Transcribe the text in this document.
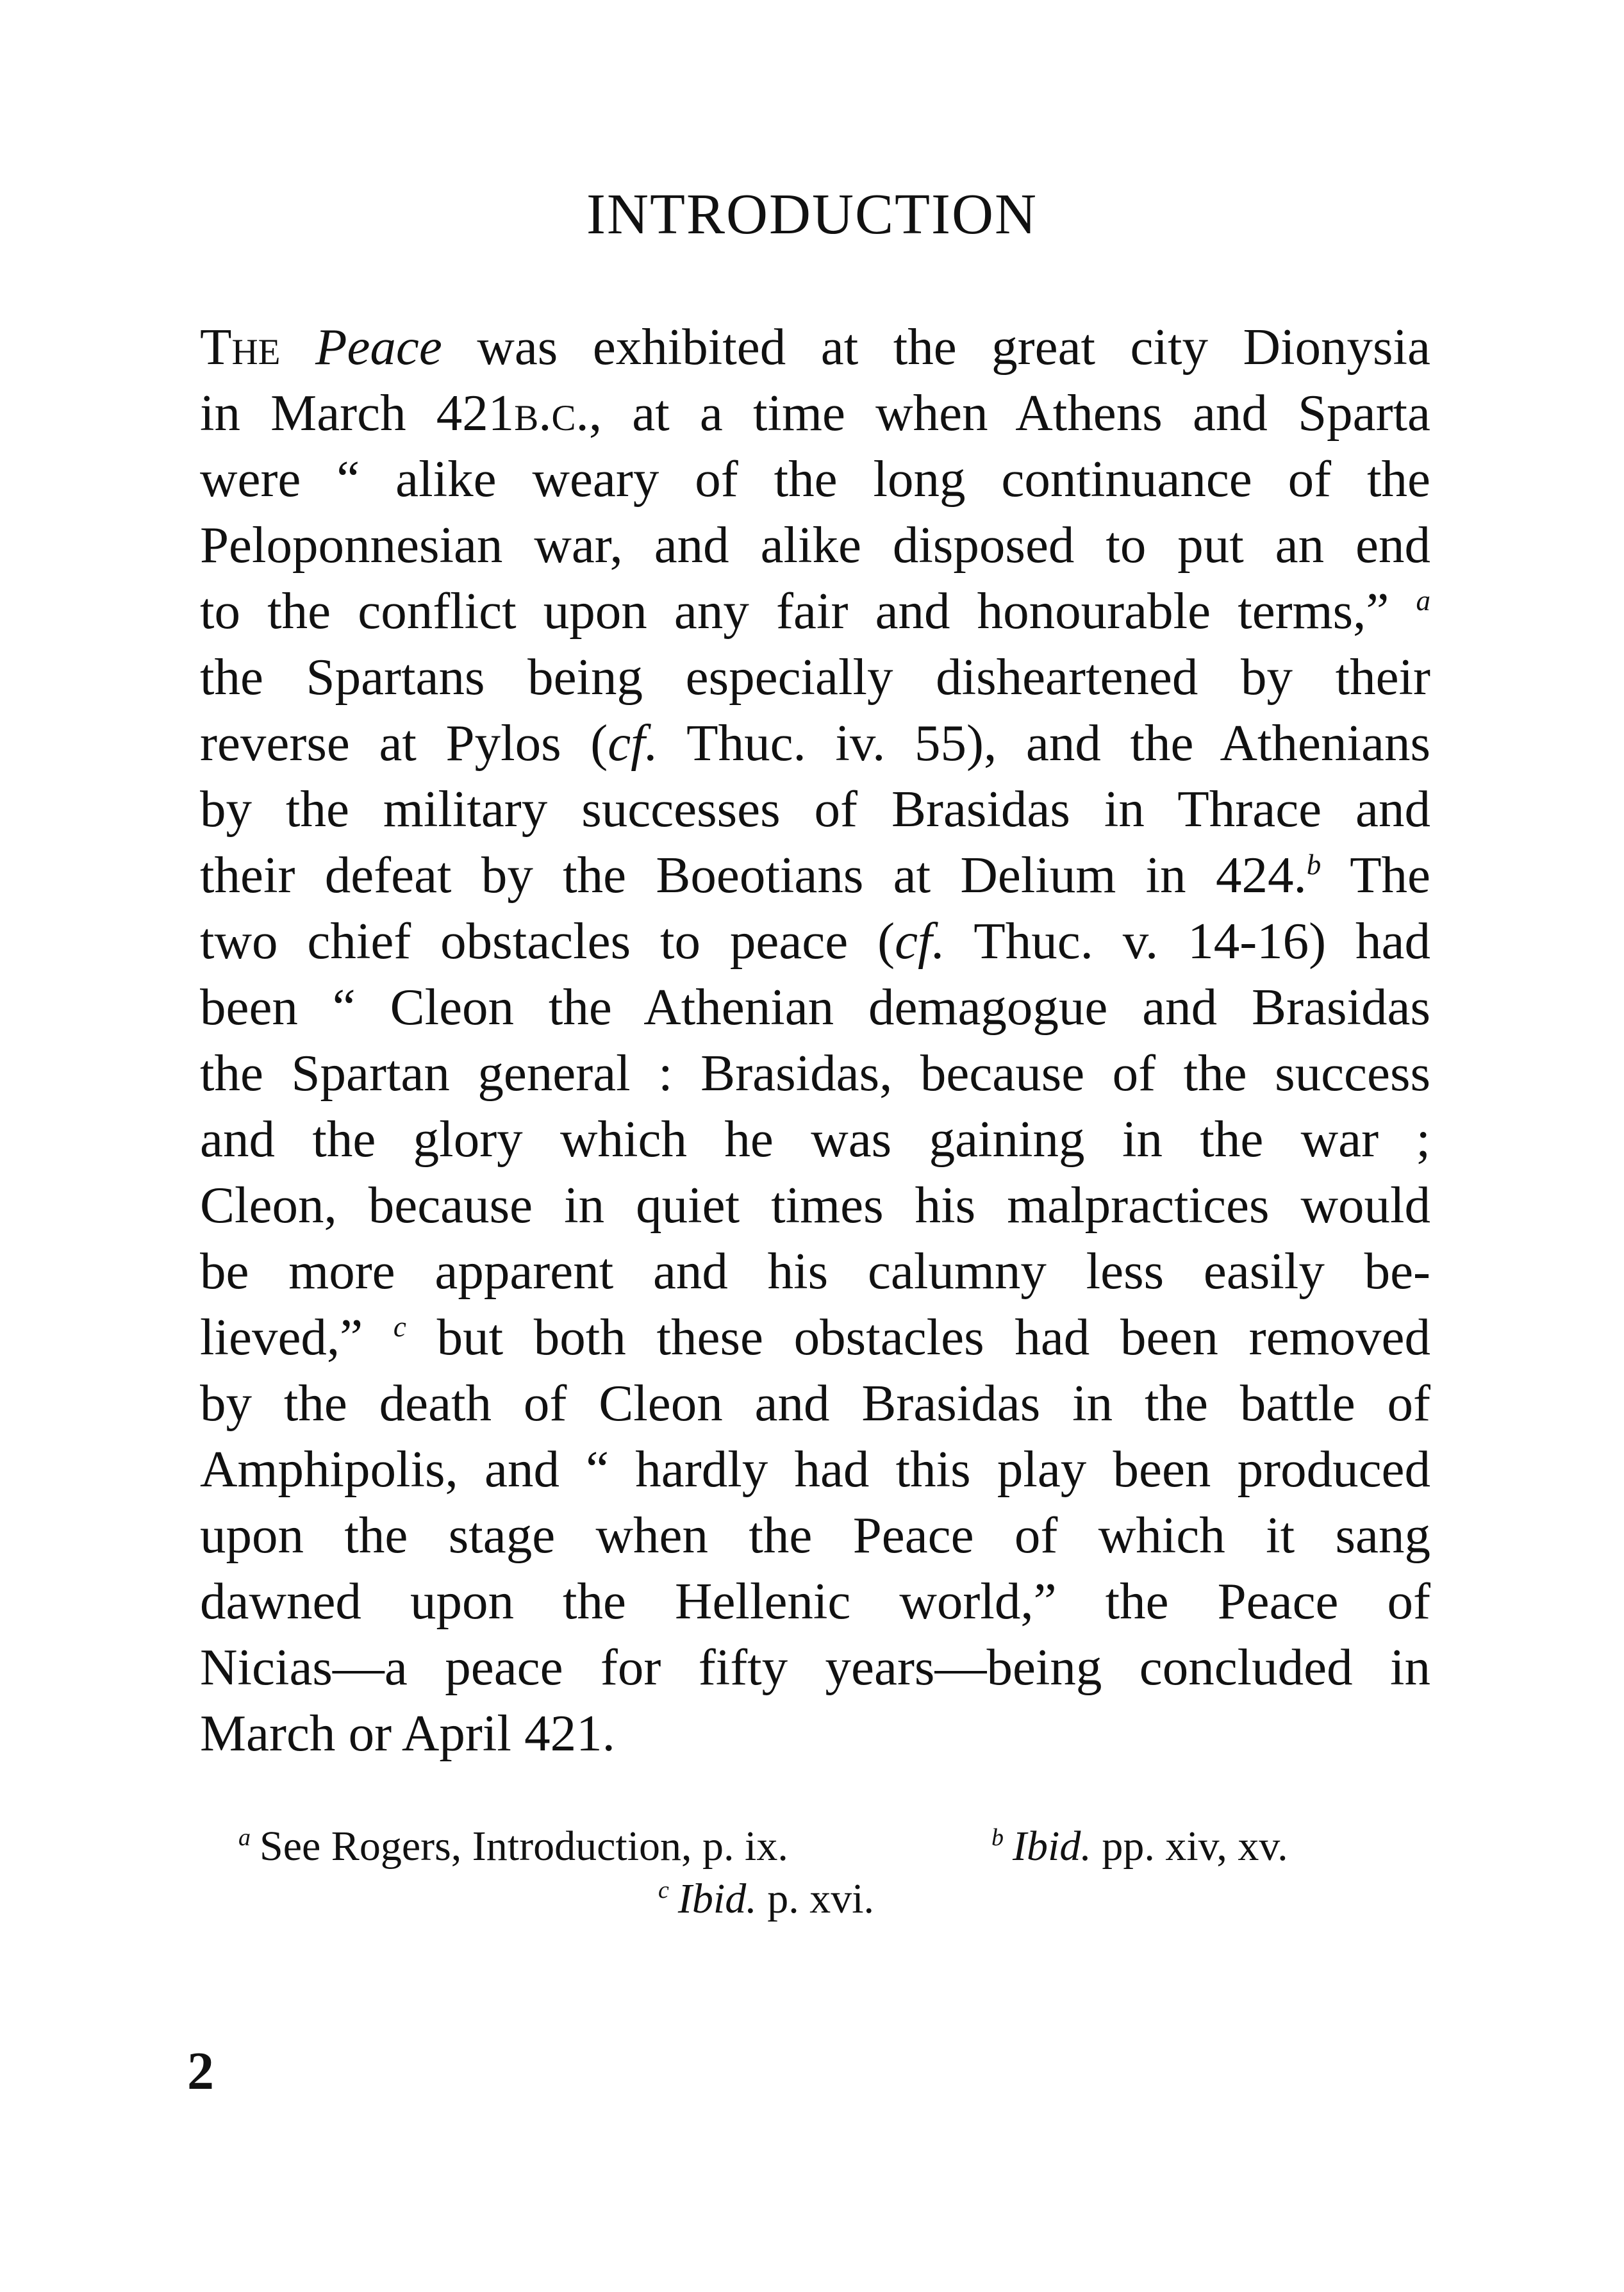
INTRODUCTION
The Peace was exhibited at the great city Dionysia
in March 421b.c., at a time when Athens and Sparta
were “ alike weary of the long continuance of the
Peloponnesian war, and alike disposed to put an end
to the conflict upon any fair and honourable terms,” $^a$
the Spartans being especially disheartened by their
reverse at Pylos (cf. Thuc. iv. 55), and the Athenians
by the military successes of Brasidas in Thrace and
their defeat by the Boeotians at Delium in 424.$^b$ The
two chief obstacles to peace (cf. Thuc. v. 14-16) had
been “ Cleon the Athenian demagogue and Brasidas
the Spartan general : Brasidas, because of the success
and the glory which he was gaining in the war ;
Cleon, because in quiet times his malpractices would
be more apparent and his calumny less easily be-
lieved,” $^c$ but both these obstacles had been removed
by the death of Cleon and Brasidas in the battle of
Amphipolis, and “ hardly had this play been produced
upon the stage when the Peace of which it sang
dawned upon the Hellenic world,” the Peace of
Nicias—a peace for fifty years—being concluded in
March or April 421.
$^a$ See Rogers, Introduction, p. ix.	$^b$ Ibid. pp. xiv, xv.
$^c$ Ibid. p. xvi.
2
